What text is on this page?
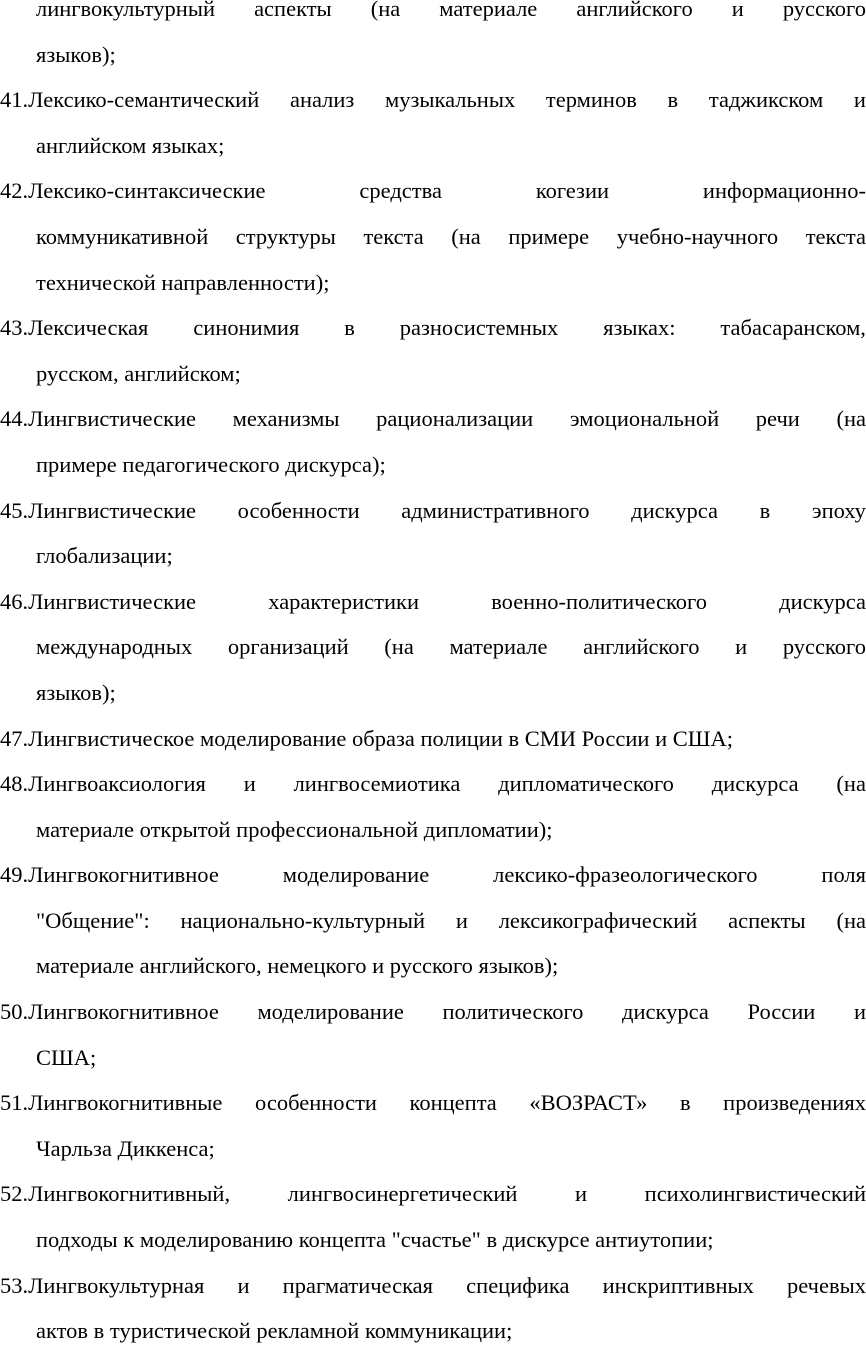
лингвокультурный аспекты (на материале английского и русского
языков);
41.Лексико-семантический анализ музыкальных терминов в таджикском и
английском языках;
42.Лексико-синтаксические	средства	когезии	информационно-
коммуникативной структуры текста (на примере учебно-научного текста
технической направленности);
43.Лексическая синонимия в разносистемных языках: табасаранском,
русском, английском;
44.Лингвистические механизмы рационализации эмоциональной речи (на
примере педагогического дискурса);
45.Лингвистические особенности административного дискурса в эпоху
глобализации;
46.Лингвистические	характеристики	военно-политического	дискурса
международных организаций (на материале английского и русского
языков);
47.Лингвистическое моделирование образа полиции в СМИ России и США;
48.Лингвоаксиология и лингвосемиотика дипломатического дискурса (на
материале открытой профессиональной дипломатии);
49.Лингвокогнитивное	моделирование	лексико-фразеологического	поля
"Общение": национально-культурный и лексикографический аспекты (на
материале английского, немецкого и русского языков);
50.Лингвокогнитивное моделирование политического дискурса России и
США;
51.Лингвокогнитивные особенности концепта «ВОЗРАСТ» в произведениях
Чарльза Диккенса;
52.Лингвокогнитивный,	лингвосинергетический	и	психолингвистический
подходы к моделированию концепта "счастье" в дискурсе антиутопии;
53.Лингвокультурная и прагматическая специфика инскриптивных речевых
актов в туристической рекламной коммуникации;
